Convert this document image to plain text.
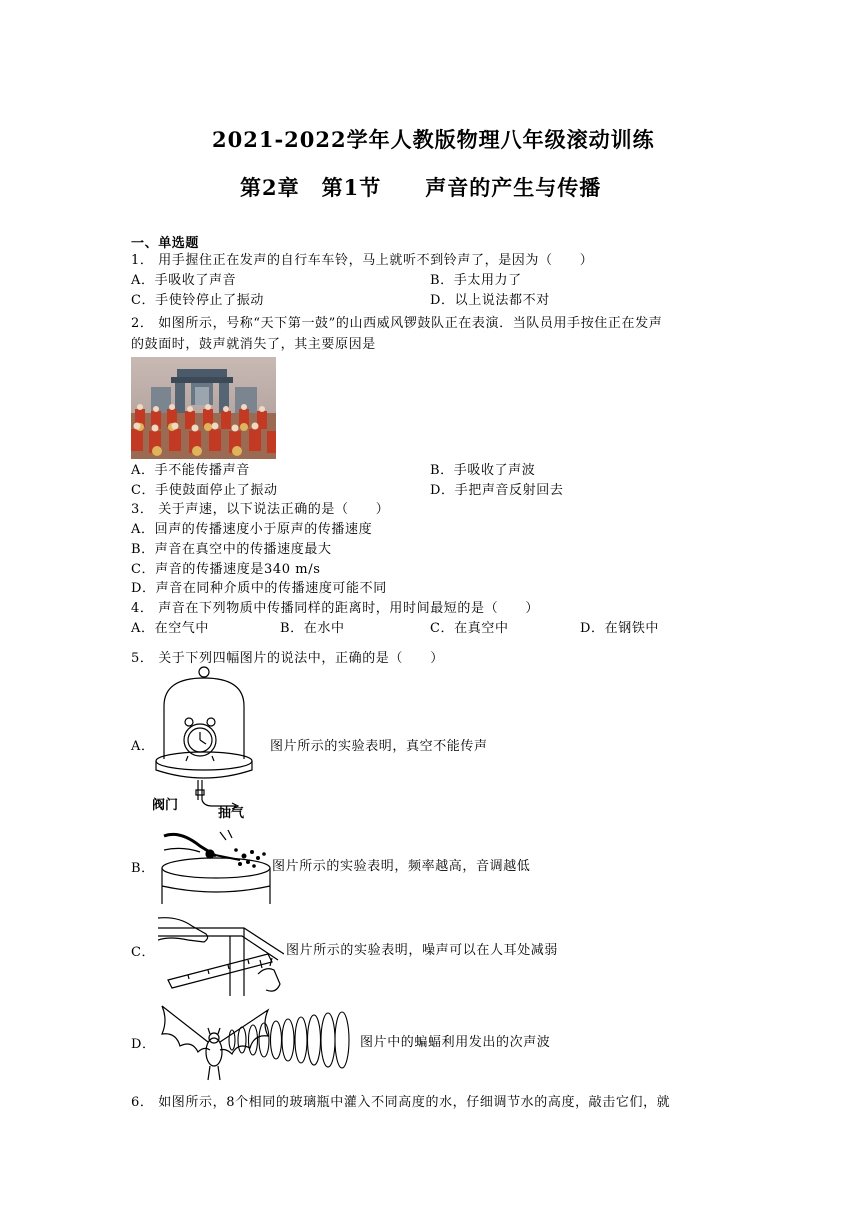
2021-2022学年人教版物理八年级滚动训练
第2章　第1节　　声音的产生与传播
一、单选题
1． 用手握住正在发声的自行车车铃，马上就听不到铃声了，是因为（　　）
A．手吸收了声音	B．手太用力了
C．手使铃停止了振动	D．以上说法都不对
2． 如图所示，号称“天下第一鼓”的山西威风锣鼓队正在表演．当队员用手按住正在发声
的鼓面时，鼓声就消失了，其主要原因是
A．手不能传播声音	B．手吸收了声波
C．手使鼓面停止了振动	D．手把声音反射回去
3． 关于声速，以下说法正确的是（　　）
A．回声的传播速度小于原声的传播速度
B．声音在真空中的传播速度最大
C．声音的传播速度是340 m/s
D．声音在同种介质中的传播速度可能不同
4． 声音在下列物质中传播同样的距离时，用时间最短的是（　　）
A．在空气中	B．在水中	C．在真空中	D．在钢铁中
5． 关于下列四幅图片的说法中，正确的是（　　）
A．
阀门
抽气
图片所示的实验表明，真空不能传声
B．	图片所示的实验表明，频率越高，音调越低
C．	图片所示的实验表明，噪声可以在人耳处减弱
D．	图片中的蝙蝠利用发出的次声波
6． 如图所示，8个相同的玻璃瓶中灌入不同高度的水，仔细调节水的高度，敲击它们，就
